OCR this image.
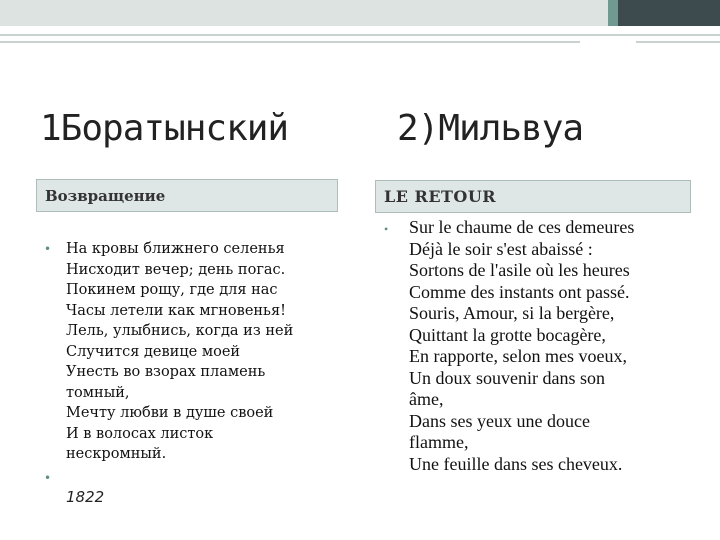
1Боратынский	2)Мильвуа
Возвращение	LE RETOUR
• На кровы ближнего селенья
Нисходит вечер; день погас.
Покинем рощу, где для нас
Часы летели как мгновенья!
Лель, улыбнись, когда из ней
Случится девице моей
Унесть во взорах пламень
томный,
Мечту любви в душе своей
И в волосах листок
нескромный.
•
1822
• Sur le chaume de ces demeures
Déjà le soir s'est abaissé :
Sortons de l'asile où les heures
Comme des instants ont passé.
Souris, Amour, si la bergère,
Quittant la grotte bocagère,
En rapporte, selon mes voeux,
Un doux souvenir dans son
âme,
Dans ses yeux une douce
flamme,
Une feuille dans ses cheveux.
